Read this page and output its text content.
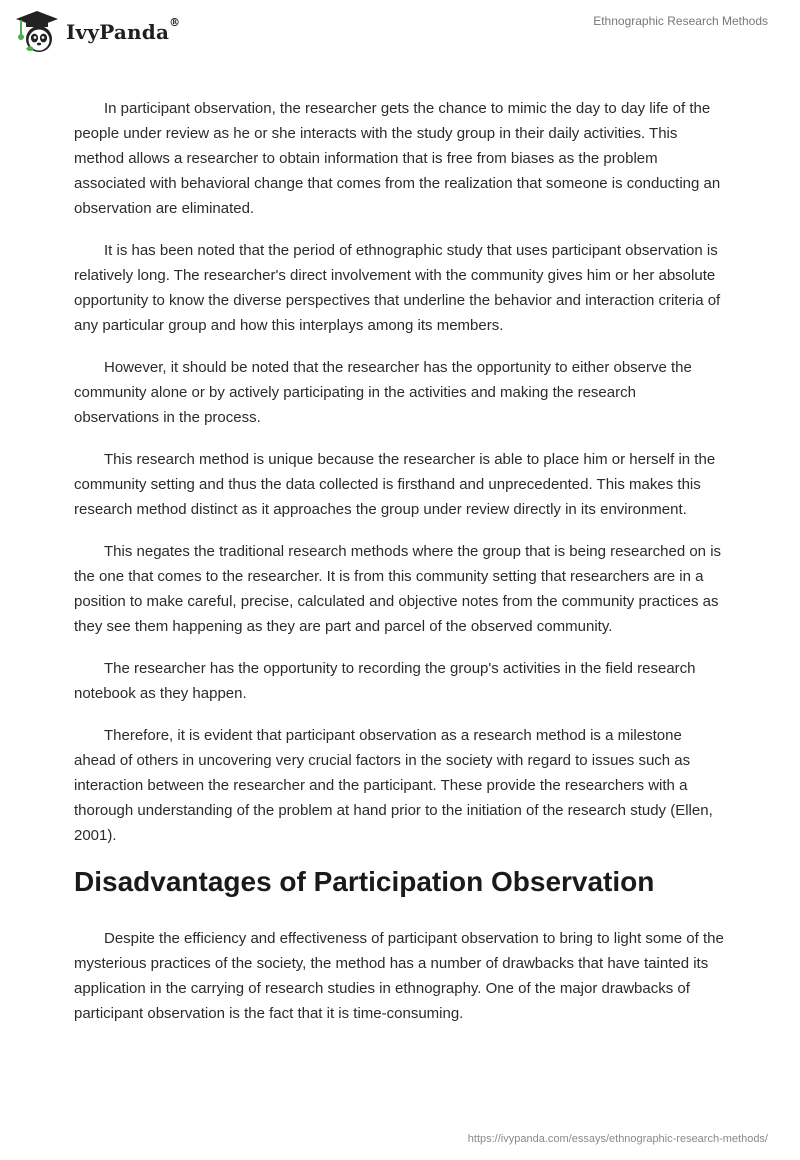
IvyPanda®	Ethnographic Research Methods

In participant observation, the researcher gets the chance to mimic the day to day life of the people under review as he or she interacts with the study group in their daily activities. This method allows a researcher to obtain information that is free from biases as the problem associated with behavioral change that comes from the realization that someone is conducting an observation are eliminated.

It is has been noted that the period of ethnographic study that uses participant observation is relatively long. The researcher's direct involvement with the community gives him or her absolute opportunity to know the diverse perspectives that underline the behavior and interaction criteria of any particular group and how this interplays among its members.

However, it should be noted that the researcher has the opportunity to either observe the community alone or by actively participating in the activities and making the research observations in the process.

This research method is unique because the researcher is able to place him or herself in the community setting and thus the data collected is firsthand and unprecedented. This makes this research method distinct as it approaches the group under review directly in its environment.

This negates the traditional research methods where the group that is being researched on is the one that comes to the researcher. It is from this community setting that researchers are in a position to make careful, precise, calculated and objective notes from the community practices as they see them happening as they are part and parcel of the observed community.

The researcher has the opportunity to recording the group's activities in the field research notebook as they happen.

Therefore, it is evident that participant observation as a research method is a milestone ahead of others in uncovering very crucial factors in the society with regard to issues such as interaction between the researcher and the participant. These provide the researchers with a thorough understanding of the problem at hand prior to the initiation of the research study (Ellen, 2001).

Disadvantages of Participation Observation

Despite the efficiency and effectiveness of participant observation to bring to light some of the mysterious practices of the society, the method has a number of drawbacks that have tainted its application in the carrying of research studies in ethnography. One of the major drawbacks of participant observation is the fact that it is time-consuming.

https://ivypanda.com/essays/ethnographic-research-methods/
